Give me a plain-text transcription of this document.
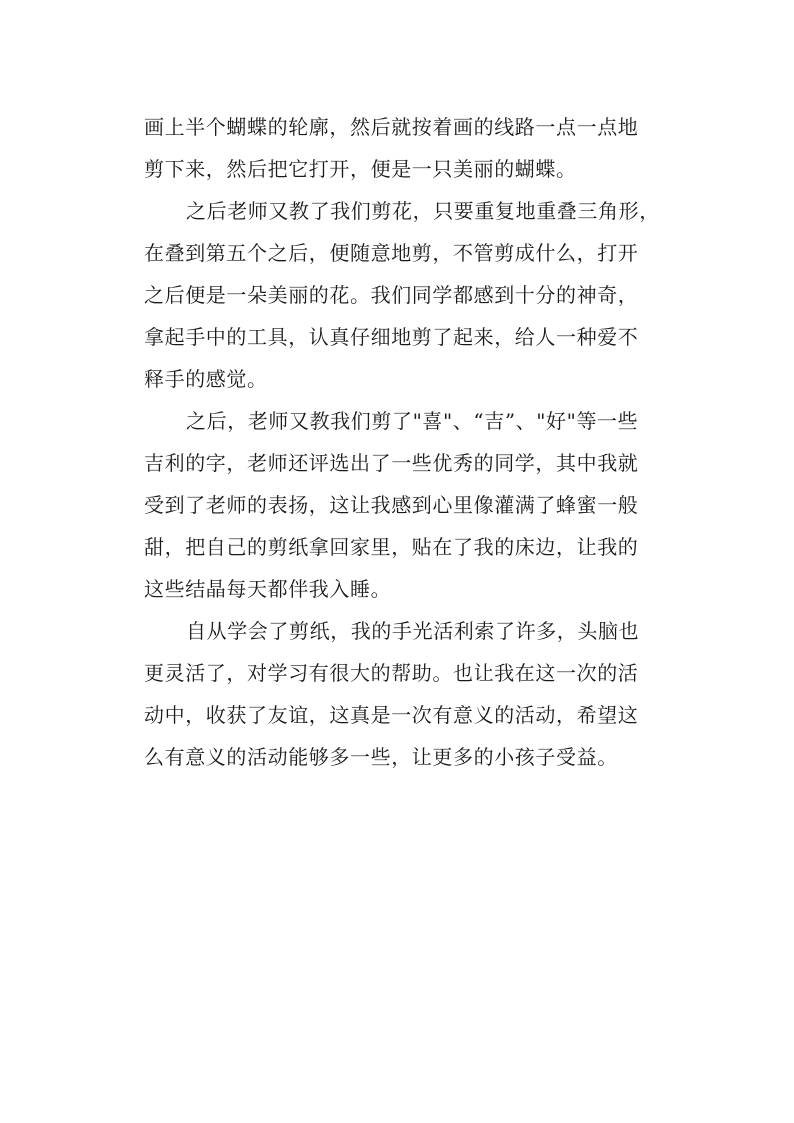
画上半个蝴蝶的轮廓，然后就按着画的线路一点一点地
剪下来，然后把它打开，便是一只美丽的蝴蝶。
之后老师又教了我们剪花，只要重复地重叠三角形，
在叠到第五个之后，便随意地剪，不管剪成什么，打开
之后便是一朵美丽的花。我们同学都感到十分的神奇，
拿起手中的工具，认真仔细地剪了起来，给人一种爱不
释手的感觉。
之后，老师又教我们剪了"喜"、“吉”、"好"等一些
吉利的字，老师还评选出了一些优秀的同学，其中我就
受到了老师的表扬，这让我感到心里像灌满了蜂蜜一般
甜，把自己的剪纸拿回家里，贴在了我的床边，让我的
这些结晶每天都伴我入睡。
自从学会了剪纸，我的手光活利索了许多，头脑也
更灵活了，对学习有很大的帮助。也让我在这一次的活
动中，收获了友谊，这真是一次有意义的活动，希望这
么有意义的活动能够多一些，让更多的小孩子受益。
